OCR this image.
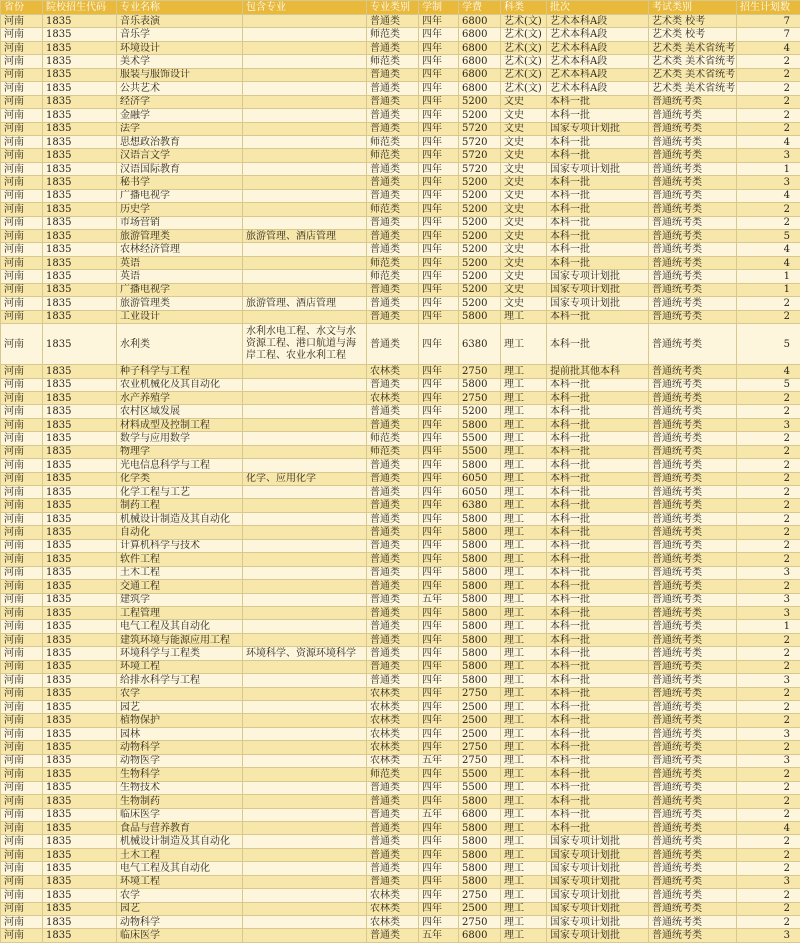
省份	院校招生代码	专业名称	包含专业	专业类别	学制	学费	科类	批次	考试类别	招生计划数
河南	1835	音乐表演		普通类	四年	6800	艺术(文)	艺术本科A段	艺术类 校考	7
河南	1835	音乐学		师范类	四年	6800	艺术(文)	艺术本科A段	艺术类 校考	7
河南	1835	环境设计		普通类	四年	6800	艺术(文)	艺术本科A段	艺术类 美术省统考	4
河南	1835	美术学		师范类	四年	6800	艺术(文)	艺术本科A段	艺术类 美术省统考	2
河南	1835	服装与服饰设计		普通类	四年	6800	艺术(文)	艺术本科A段	艺术类 美术省统考	2
河南	1835	公共艺术		普通类	四年	6800	艺术(文)	艺术本科A段	艺术类 美术省统考	2
河南	1835	经济学		普通类	四年	5200	文史	本科一批	普通统考类	2
河南	1835	金融学		普通类	四年	5200	文史	本科一批	普通统考类	2
河南	1835	法学		普通类	四年	5720	文史	国家专项计划批	普通统考类	2
河南	1835	思想政治教育		师范类	四年	5720	文史	本科一批	普通统考类	4
河南	1835	汉语言文学		师范类	四年	5720	文史	本科一批	普通统考类	3
河南	1835	汉语国际教育		普通类	四年	5720	文史	国家专项计划批	普通统考类	1
河南	1835	秘书学		普通类	四年	5200	文史	本科一批	普通统考类	3
河南	1835	广播电视学		普通类	四年	5200	文史	本科一批	普通统考类	4
河南	1835	历史学		师范类	四年	5200	文史	本科一批	普通统考类	2
河南	1835	市场营销		普通类	四年	5200	文史	本科一批	普通统考类	2
河南	1835	旅游管理类	旅游管理、酒店管理	普通类	四年	5200	文史	本科一批	普通统考类	5
河南	1835	农林经济管理		普通类	四年	5200	文史	本科一批	普通统考类	4
河南	1835	英语		师范类	四年	5200	文史	本科一批	普通统考类	4
河南	1835	英语		师范类	四年	5200	文史	国家专项计划批	普通统考类	1
河南	1835	广播电视学		普通类	四年	5200	文史	国家专项计划批	普通统考类	1
河南	1835	旅游管理类	旅游管理、酒店管理	普通类	四年	5200	文史	国家专项计划批	普通统考类	2
河南	1835	工业设计		普通类	四年	5800	理工	本科一批	普通统考类	2
河南	1835	水利类	水利水电工程、水文与水资源工程、港口航道与海岸工程、农业水利工程	普通类	四年	6380	理工	本科一批	普通统考类	5
河南	1835	种子科学与工程		农林类	四年	2750	理工	提前批其他本科	普通统考类	4
河南	1835	农业机械化及其自动化		普通类	四年	5800	理工	本科一批	普通统考类	5
河南	1835	水产养殖学		农林类	四年	2750	理工	本科一批	普通统考类	2
河南	1835	农村区域发展		普通类	四年	5200	理工	本科一批	普通统考类	2
河南	1835	材料成型及控制工程		普通类	四年	5800	理工	本科一批	普通统考类	3
河南	1835	数学与应用数学		师范类	四年	5500	理工	本科一批	普通统考类	2
河南	1835	物理学		师范类	四年	5500	理工	本科一批	普通统考类	2
河南	1835	光电信息科学与工程		普通类	四年	5800	理工	本科一批	普通统考类	2
河南	1835	化学类	化学、应用化学	普通类	四年	6050	理工	本科一批	普通统考类	2
河南	1835	化学工程与工艺		普通类	四年	6050	理工	本科一批	普通统考类	2
河南	1835	制药工程		普通类	四年	6380	理工	本科一批	普通统考类	2
河南	1835	机械设计制造及其自动化		普通类	四年	5800	理工	本科一批	普通统考类	2
河南	1835	自动化		普通类	四年	5800	理工	本科一批	普通统考类	2
河南	1835	计算机科学与技术		普通类	四年	5800	理工	本科一批	普通统考类	2
河南	1835	软件工程		普通类	四年	5800	理工	本科一批	普通统考类	2
河南	1835	土木工程		普通类	四年	5800	理工	本科一批	普通统考类	3
河南	1835	交通工程		普通类	四年	5800	理工	本科一批	普通统考类	2
河南	1835	建筑学		普通类	五年	5800	理工	本科一批	普通统考类	3
河南	1835	工程管理		普通类	四年	5800	理工	本科一批	普通统考类	3
河南	1835	电气工程及其自动化		普通类	四年	5800	理工	本科一批	普通统考类	1
河南	1835	建筑环境与能源应用工程		普通类	四年	5800	理工	本科一批	普通统考类	2
河南	1835	环境科学与工程类	环境科学、资源环境科学	普通类	四年	5800	理工	本科一批	普通统考类	2
河南	1835	环境工程		普通类	四年	5800	理工	本科一批	普通统考类	2
河南	1835	给排水科学与工程		普通类	四年	5800	理工	本科一批	普通统考类	3
河南	1835	农学		农林类	四年	2750	理工	本科一批	普通统考类	2
河南	1835	园艺		农林类	四年	2500	理工	本科一批	普通统考类	2
河南	1835	植物保护		农林类	四年	2500	理工	本科一批	普通统考类	2
河南	1835	园林		农林类	四年	2500	理工	本科一批	普通统考类	3
河南	1835	动物科学		农林类	四年	2750	理工	本科一批	普通统考类	2
河南	1835	动物医学		农林类	五年	2750	理工	本科一批	普通统考类	3
河南	1835	生物科学		师范类	四年	5500	理工	本科一批	普通统考类	2
河南	1835	生物技术		普通类	四年	5500	理工	本科一批	普通统考类	2
河南	1835	生物制药		普通类	四年	5800	理工	本科一批	普通统考类	2
河南	1835	临床医学		普通类	五年	6800	理工	本科一批	普通统考类	2
河南	1835	食品与营养教育		普通类	四年	5800	理工	本科一批	普通统考类	4
河南	1835	机械设计制造及其自动化		普通类	四年	5800	理工	国家专项计划批	普通统考类	2
河南	1835	土木工程		普通类	四年	5800	理工	国家专项计划批	普通统考类	2
河南	1835	电气工程及其自动化		普通类	四年	5800	理工	国家专项计划批	普通统考类	2
河南	1835	环境工程		普通类	四年	5800	理工	国家专项计划批	普通统考类	3
河南	1835	农学		农林类	四年	2750	理工	国家专项计划批	普通统考类	2
河南	1835	园艺		农林类	四年	2500	理工	国家专项计划批	普通统考类	2
河南	1835	动物科学		农林类	四年	2750	理工	国家专项计划批	普通统考类	2
河南	1835	临床医学		普通类	五年	6800	理工	国家专项计划批	普通统考类	3
